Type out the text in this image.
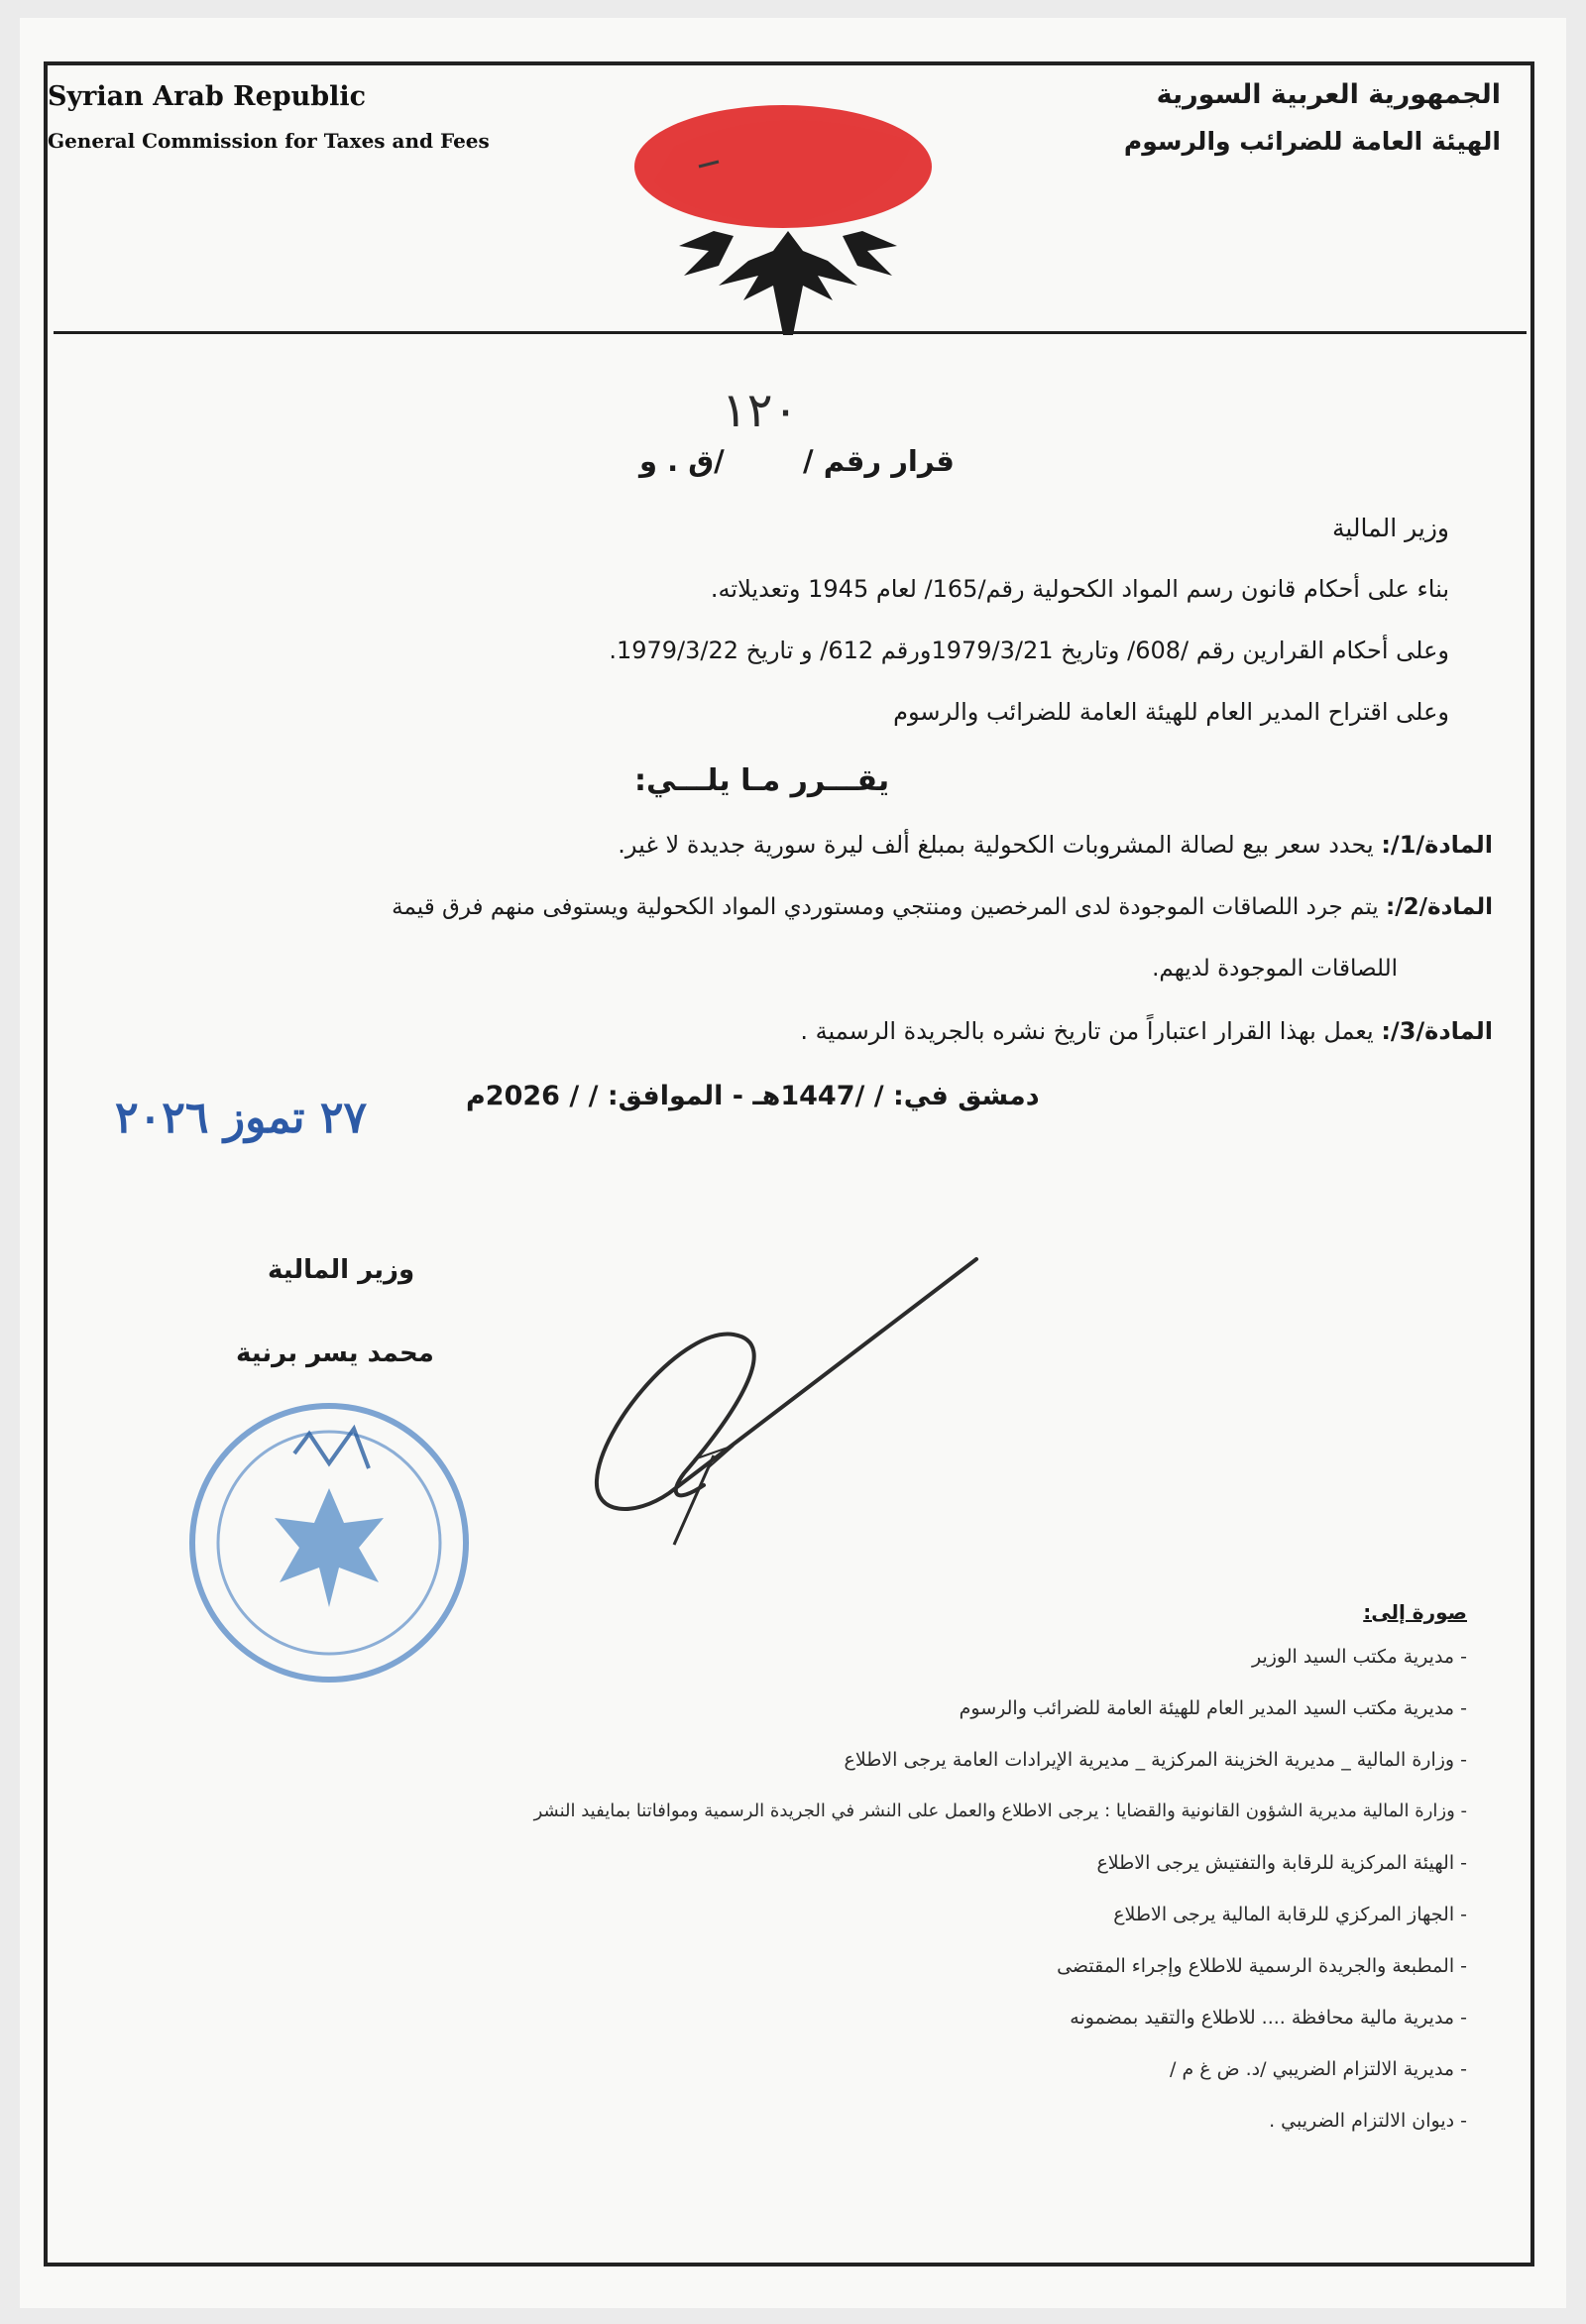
Syrian Arab Republic
General Commission for Taxes and Fees
الجمهورية العربية السورية
الهيئة العامة للضرائب والرسوم
١٢٠
/ق . و	قرار رقم /
وزير المالية
بناء على أحكام قانون رسم المواد الكحولية رقم/165/ لعام 1945 وتعديلاته.
وعلى أحكام القرارين رقم /608/ وتاريخ 1979/3/21ورقم 612/ و تاريخ 1979/3/22.
وعلى اقتراح المدير العام للهيئة العامة للضرائب والرسوم
يقـــرر مـا يلـــي:
المادة/1/: يحدد سعر بيع لصالة المشروبات الكحولية بمبلغ ألف ليرة سورية جديدة لا غير.
المادة/2/: يتم جرد اللصاقات الموجودة لدى المرخصين ومنتجي ومستوردي المواد الكحولية ويستوفى منهم فرق قيمة
اللصاقات الموجودة لديهم.
المادة/3/: يعمل بهذا القرار اعتباراً من تاريخ نشره بالجريدة الرسمية .
دمشق في: / /1447هـ - الموافق: / / 2026م
٢٧ تموز ٢٠٢٦
وزير المالية
محمد يسر برنية
صورة إلى:
- مديرية مكتب السيد الوزير
- مديرية مكتب السيد المدير العام للهيئة العامة للضرائب والرسوم
- وزارة المالية _ مديرية الخزينة المركزية _ مديرية الإيرادات العامة يرجى الاطلاع
- وزارة المالية مديرية الشؤون القانونية والقضايا : يرجى الاطلاع والعمل على النشر في الجريدة الرسمية وموافاتنا بمايفيد النشر
- الهيئة المركزية للرقابة والتفتيش يرجى الاطلاع
- الجهاز المركزي للرقابة المالية يرجى الاطلاع
- المطبعة والجريدة الرسمية للاطلاع وإجراء المقتضى
- مديرية مالية محافظة .... للاطلاع والتقيد بمضمونه
- مديرية الالتزام الضريبي /د. ض غ م /
- ديوان الالتزام الضريبي .
